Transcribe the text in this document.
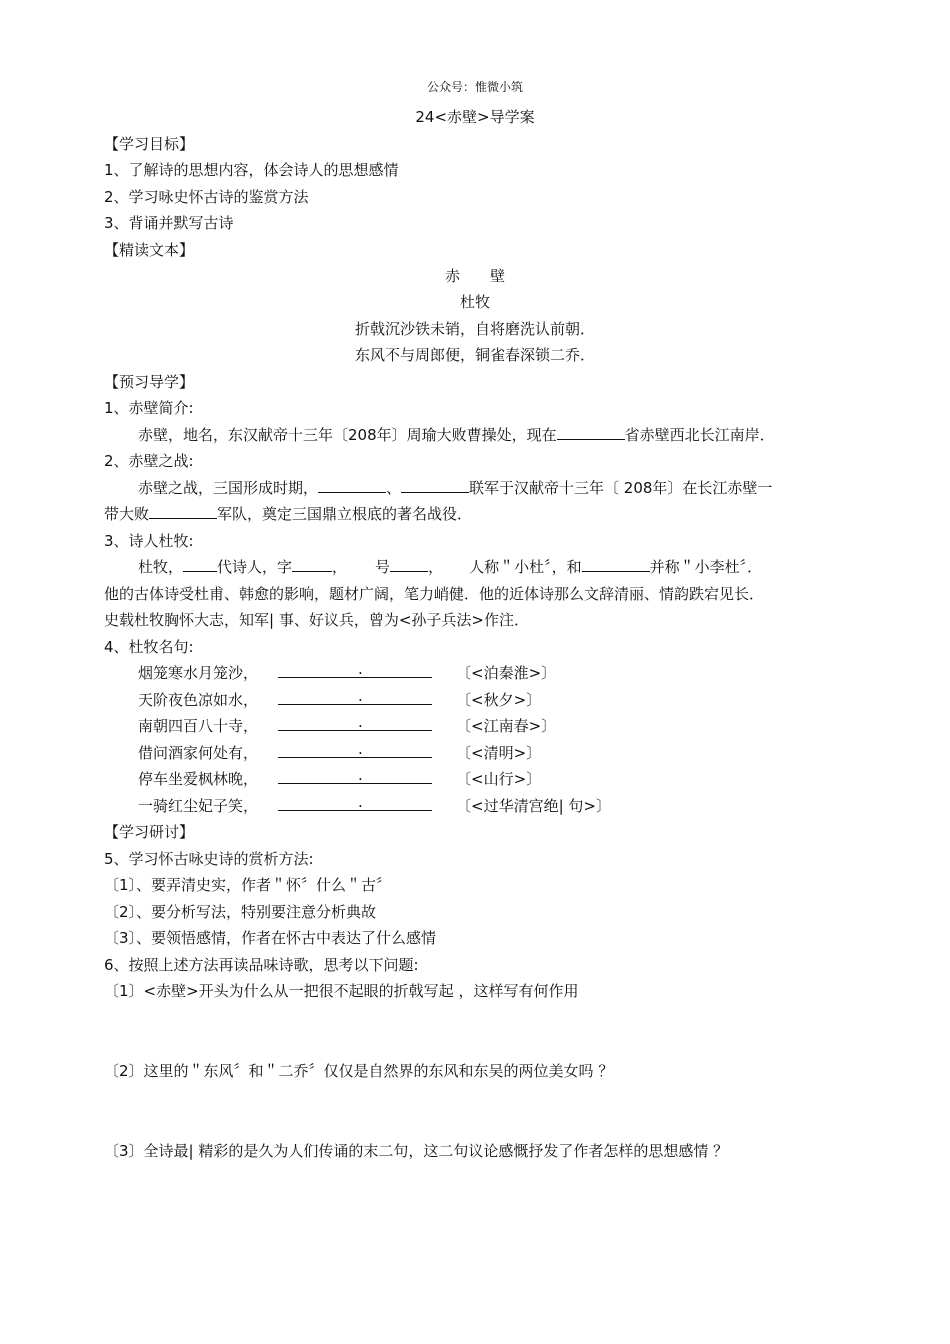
公众号：惟微小筑
24<赤壁>导学案
【学习目标】
1、了解诗的思想内容，体会诗人的思想感情
2、学习咏史怀古诗的鉴赏方法
3、背诵并默写古诗
【精读文本】
赤　　壁
杜牧
折戟沉沙铁未销，自将磨洗认前朝．
东风不与周郎便，铜雀春深锁二乔．
【预习导学】
1、赤壁简介:
赤壁，地名，东汉献帝十三年〔208年〕周瑜大败曹操处，现在	省赤壁西北长江南岸．
2、赤壁之战:
赤壁之战，三国形成时期，	、	联军于汉献帝十三年〔 208年〕在长江赤壁一
带大败	军队，奠定三国鼎立根底的著名战役．
3、诗人杜牧:
杜牧， 代诗人，字	， 号	， 人称＂小杜〞，和	并称＂小李杜〞．
他的古体诗受杜甫、韩愈的影响，题材广阔，笔力峭健．他的近体诗那么文辞清丽、情韵跌宕见长．
史载杜牧胸怀大志，知军| 事、好议兵，曾为<孙子兵法>作注．
4、杜牧名句:
烟笼寒水月笼沙，	.	〔<泊秦淮>〕
天阶夜色凉如水，	.	〔<秋夕>〕
南朝四百八十寺，	.	〔<江南春>〕
借问酒家何处有，	.	〔<清明>〕
停车坐爱枫林晚，	.	〔<山行>〕
一骑红尘妃子笑，	.	〔<过华清宫绝| 句>〕
【学习研讨】
5、学习怀古咏史诗的赏析方法:
〔1〕、要弄清史实，作者＂怀〞什么＂古〞
〔2〕、要分析写法，特别要注意分析典故
〔3〕、要领悟感情，作者在怀古中表达了什么感情
6、按照上述方法再读品味诗歌，思考以下问题:
〔1〕<赤壁>开头为什么从一把很不起眼的折戟写起 ，这样写有何作用
〔2〕这里的＂东风〞和＂二乔〞仅仅是自然界的东风和东吴的两位美女吗 ？
〔3〕全诗最| 精彩的是久为人们传诵的末二句，这二句议论感慨抒发了作者怎样的思想感情 ？
